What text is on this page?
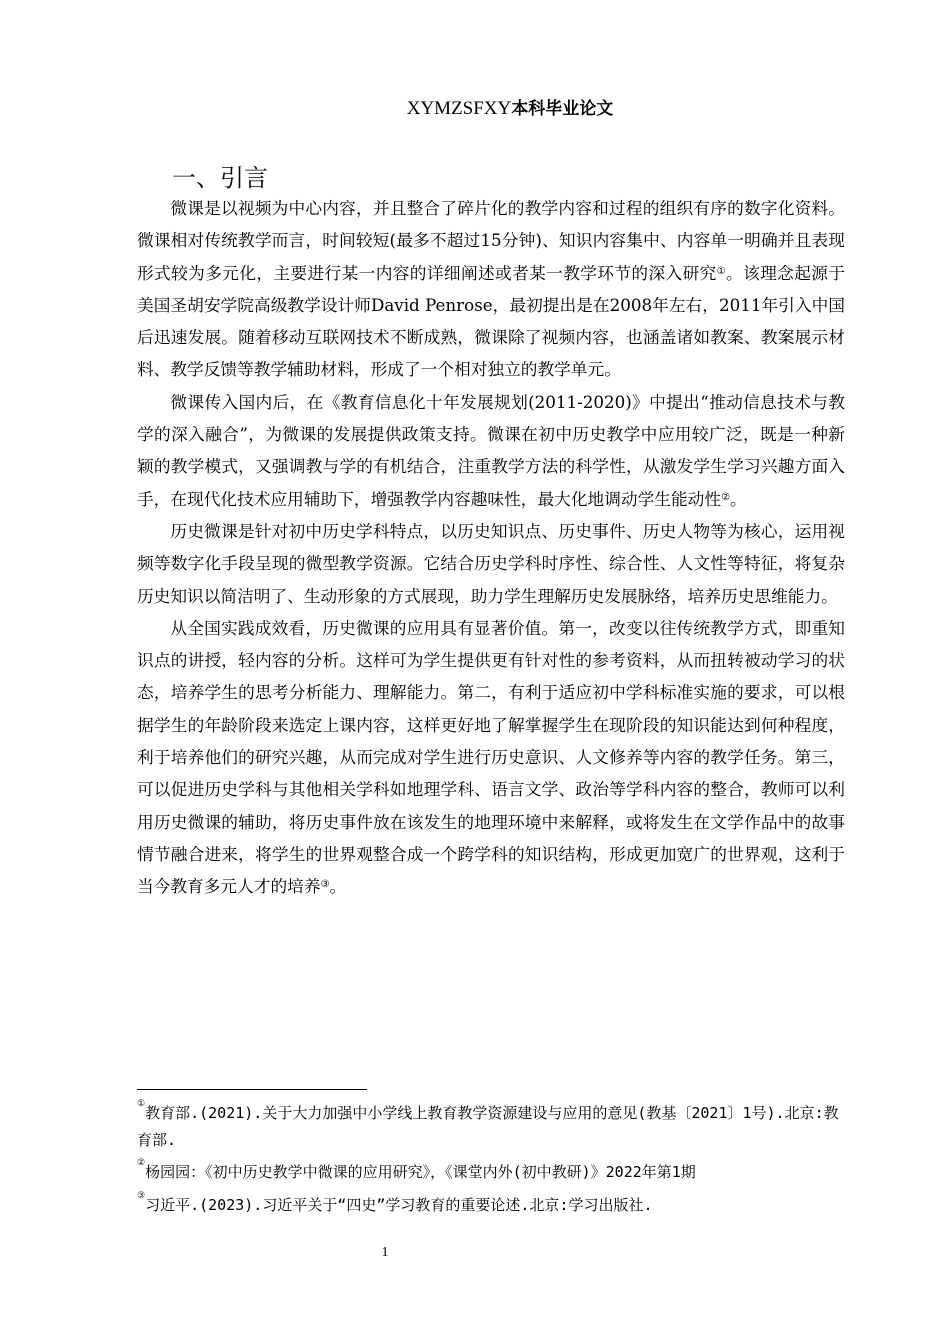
XYMZSFXY本科毕业论文
一、引言

微课是以视频为中心内容，并且整合了碎片化的教学内容和过程的组织有序的数字化资料。微课相对传统教学而言，时间较短(最多不超过15分钟)、知识内容集中、内容单一明确并且表现形式较为多元化，主要进行某一内容的详细阐述或者某一教学环节的深入研究①。该理念起源于美国圣胡安学院高级教学设计师David Penrose，最初提出是在2008年左右，2011年引入中国后迅速发展。随着移动互联网技术不断成熟，微课除了视频内容，也涵盖诸如教案、教案展示材料、教学反馈等教学辅助材料，形成了一个相对独立的教学单元。

微课传入国内后，在《教育信息化十年发展规划(2011-2020)》中提出“推动信息技术与教学的深入融合”，为微课的发展提供政策支持。微课在初中历史教学中应用较广泛，既是一种新颖的教学模式，又强调教与学的有机结合，注重教学方法的科学性，从激发学生学习兴趣方面入手，在现代化技术应用辅助下，增强教学内容趣味性，最大化地调动学生能动性②。

历史微课是针对初中历史学科特点，以历史知识点、历史事件、历史人物等为核心，运用视频等数字化手段呈现的微型教学资源。它结合历史学科时序性、综合性、人文性等特征，将复杂历史知识以简洁明了、生动形象的方式展现，助力学生理解历史发展脉络，培养历史思维能力。

从全国实践成效看，历史微课的应用具有显著价值。第一，改变以往传统教学方式，即重知识点的讲授，轻内容的分析。这样可为学生提供更有针对性的参考资料，从而扭转被动学习的状态，培养学生的思考分析能力、理解能力。第二，有利于适应初中学科标准实施的要求，可以根据学生的年龄阶段来选定上课内容，这样更好地了解掌握学生在现阶段的知识能达到何种程度，利于培养他们的研究兴趣，从而完成对学生进行历史意识、人文修养等内容的教学任务。第三，可以促进历史学科与其他相关学科如地理学科、语言文学、政治等学科内容的整合，教师可以利用历史微课的辅助，将历史事件放在该发生的地理环境中来解释，或将发生在文学作品中的故事情节融合进来，将学生的世界观整合成一个跨学科的知识结构，形成更加宽广的世界观，这利于当今教育多元人才的培养③。

①教育部.(2021).关于大力加强中小学线上教育教学资源建设与应用的意见(教基〔2021〕1号).北京:教育部.

②杨园园：《初中历史教学中微课的应用研究》，《课堂内外(初中教研)》2022年第1期

③习近平.(2023).习近平关于“四史”学习教育的重要论述.北京:学习出版社.

1
